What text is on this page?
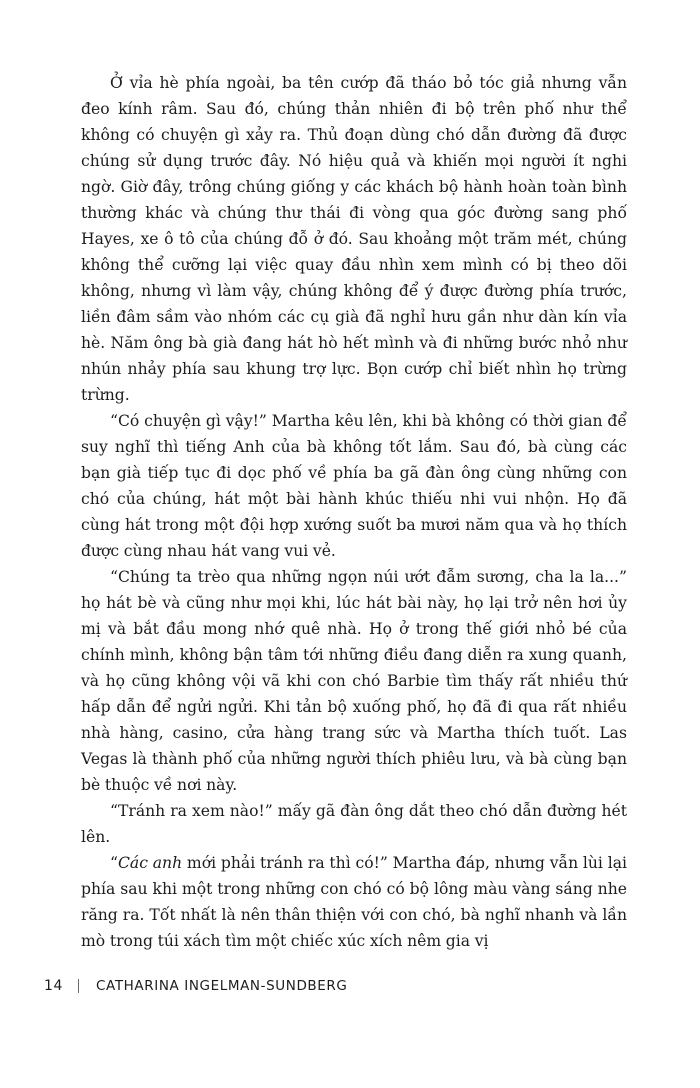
Ở vỉa hè phía ngoài, ba tên cướp đã tháo bỏ tóc giả nhưng vẫn đeo kính râm. Sau đó, chúng thản nhiên đi bộ trên phố như thể không có chuyện gì xảy ra. Thủ đoạn dùng chó dẫn đường đã được chúng sử dụng trước đây. Nó hiệu quả và khiến mọi người ít nghi ngờ. Giờ đây, trông chúng giống y các khách bộ hành hoàn toàn bình thường khác và chúng thư thái đi vòng qua góc đường sang phố Hayes, xe ô tô của chúng đỗ ở đó. Sau khoảng một trăm mét, chúng không thể cưỡng lại việc quay đầu nhìn xem mình có bị theo dõi không, nhưng vì làm vậy, chúng không để ý được đường phía trước, liền đâm sầm vào nhóm các cụ già đã nghỉ hưu gần như dàn kín vỉa hè. Năm ông bà già đang hát hò hết mình và đi những bước nhỏ như nhún nhảy phía sau khung trợ lực. Bọn cướp chỉ biết nhìn họ trừng trừng.

“Có chuyện gì vậy!” Martha kêu lên, khi bà không có thời gian để suy nghĩ thì tiếng Anh của bà không tốt lắm. Sau đó, bà cùng các bạn già tiếp tục đi dọc phố về phía ba gã đàn ông cùng những con chó của chúng, hát một bài hành khúc thiếu nhi vui nhộn. Họ đã cùng hát trong một đội hợp xướng suốt ba mươi năm qua và họ thích được cùng nhau hát vang vui vẻ.

“Chúng ta trèo qua những ngọn núi ướt đẫm sương, cha la la...” họ hát bè và cũng như mọi khi, lúc hát bài này, họ lại trở nên hơi ủy mị và bắt đầu mong nhớ quê nhà. Họ ở trong thế giới nhỏ bé của chính mình, không bận tâm tới những điều đang diễn ra xung quanh, và họ cũng không vội vã khi con chó Barbie tìm thấy rất nhiều thứ hấp dẫn để ngửi ngửi. Khi tản bộ xuống phố, họ đã đi qua rất nhiều nhà hàng, casino, cửa hàng trang sức và Martha thích tuốt. Las Vegas là thành phố của những người thích phiêu lưu, và bà cùng bạn bè thuộc về nơi này.

“Tránh ra xem nào!” mấy gã đàn ông dắt theo chó dẫn đường hét lên.

“Các anh mới phải tránh ra thì có!” Martha đáp, nhưng vẫn lùi lại phía sau khi một trong những con chó có bộ lông màu vàng sáng nhe răng ra. Tốt nhất là nên thân thiện với con chó, bà nghĩ nhanh và lần mò trong túi xách tìm một chiếc xúc xích nêm gia vị

14 CATHARINA INGELMAN-SUNDBERG
